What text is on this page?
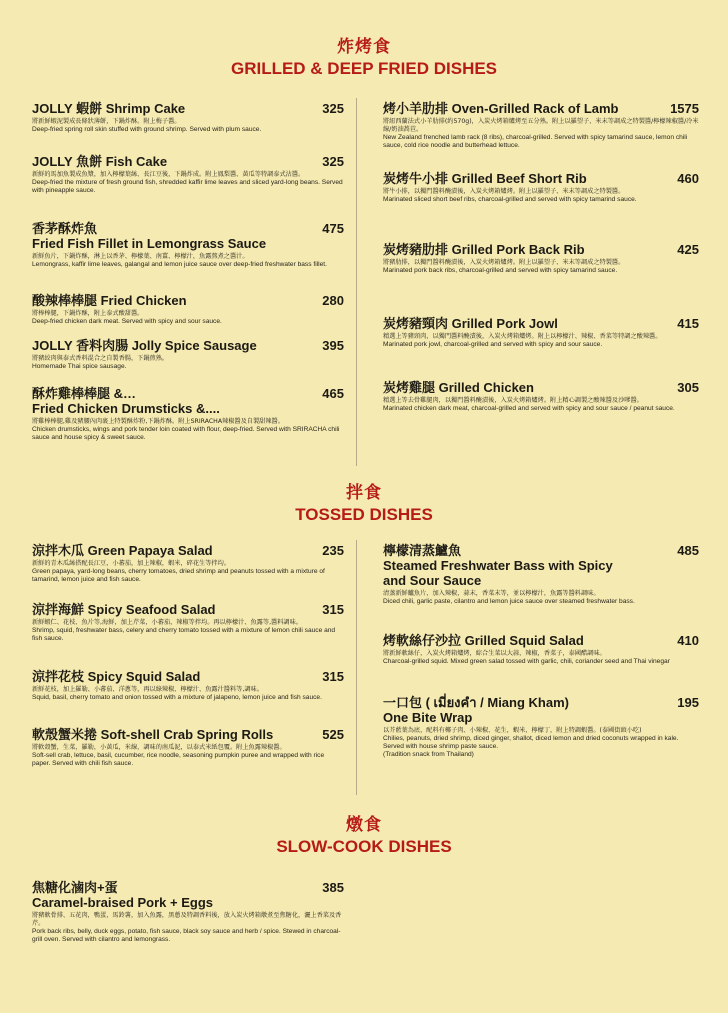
炸烤食
GRILLED & DEEP FRIED DISHES
拌食
TOSSED DISHES
燉食
SLOW-COOK DISHES
JOLLY 蝦餅 Shrimp Cake	325
將新鮮蝦泥製成長條狀薄餅，下鍋炸酥。附上梅子醬。
Deep-fried spring roll skin stuffed with ground shrimp. Served with plum sauce.
JOLLY 魚餅 Fish Cake	325
新鮮的馬加魚製成魚漿，加入檸檬葉絲、長江豆後，下鍋炸成。附上鳳梨醬、黃瓜等特調泰式沾醬。
Deep-fried the mixture of fresh ground fish, shredded kaffir lime leaves and sliced yard-long beans. Served with pineapple sauce.
香茅酥炸魚
Fried Fish Fillet in Lemongrass Sauce
475
新鮮魚片，下鍋炸酥，淋上以香茅、檸檬葉、南薑、檸檬汁，魚露熬煮之醬汁。
Lemongrass, kaffir lime leaves, galangal and lemon juice sauce over deep-fried freshwater bass fillet.
酸辣棒棒腿 Fried Chicken	280
將棒棒腿，下鍋炸酥，附上泰式酸甜醬。
Deep-fried chicken dark meat. Served with spicy and sour sauce.
JOLLY 香料肉腸 Jolly Spice Sausage	395
將豬絞肉與泰式香料混合之自製香腸，下鍋煎熟。
Homemade Thai spice sausage.
酥炸雞棒棒腿 &…
Fried Chicken Drumsticks &....
465
將雞棒棒腿,雞及豬腰內肉裹上特製酥炸粉,下鍋炸酥。附上SRIRACHA辣椒醬及自製甜辣醬。
Chicken drumsticks, wings and pork tender loin coated with flour, deep-fried. Served with SRIRACHA chili sauce and house spicy & sweet sauce.
烤小羊肋排 Oven-Grilled Rack of Lamb	1575
將紐西蘭法式小羊肋排(約570g)，入炭火烤箱爐烤至五分熟。附上以羅望子、米末等調成之特製醬/檸檬辣椒醬/冷米線/奶油萵苣。
New Zealand frenched lamb rack (8 ribs), charcoal-grilled. Served with spicy tamarind sauce, lemon chili sauce, cold rice noodle and butterhead lettuce.
炭烤牛小排 Grilled Beef Short Rib	460
將牛小排，以獨門醬料醃漬後，入炭火烤箱爐烤。附上以羅望子、米末等調成之特製醬。
Marinated sliced short beef ribs, charcoal-grilled and served with spicy tamarind sauce.
炭烤豬肋排 Grilled Pork Back Rib	425
將豬肋排，以獨門醬料醃漬後，入炭火烤箱爐烤。附上以羅望子、米末等調成之特製醬。
Marinated pork back ribs, charcoal-grilled and served with spicy tamarind sauce.
炭烤豬頸肉 Grilled Pork Jowl	415
精選上等豬頸肉，以獨門醬料醃漬後，入炭火烤箱爐烤。附上以檸檬汁、辣椒、香菜等特調之酸辣醬。
Marinated pork jowl, charcoal-grilled and served with spicy and sour sauce.
炭烤雞腿 Grilled Chicken	305
精選上等去骨雞腿肉，以獨門醬料醃漬後，入炭火烤箱爐烤。附上精心調製之酸辣醬及沙嗲醬。
Marinated chicken dark meat, charcoal-grilled and served with spicy and sour sauce / peanut sauce.
涼拌木瓜 Green Papaya Salad	235
新鮮的青木瓜絲搭配長江豆，小蕃茄，加上辣椒，蝦米，碎花生等拌均。
Green papaya, yard-long beans, cherry tomatoes, dried shrimp and peanuts tossed with a mixture of tamarind, lemon juice and fish sauce.
涼拌海鮮 Spicy Seafood Salad	315
新鮮蝦仁、花枝、魚片等,海鮮，加上芹菜，小蕃茄，辣椒等拌均。再以檸檬汁、魚露等,醬料調味。
Shrimp, squid, freshwater bass, celery and cherry tomato tossed with a mixture of lemon chili sauce and fish sauce.
涼拌花枝 Spicy Squid Salad	315
新鮮花枝，加上羅勒、小蕃茄、洋蔥等，再以綠辣椒、檸檬汁、魚露汁醬料等,調味。
Squid, basil, cherry tomato and onion tossed with a mixture of jalapeno, lemon juice and fish sauce.
軟殼蟹米捲 Soft-shell Crab Spring Rolls	525
將軟殼蟹，生菜，羅勒，小黃瓜，米線，調味的南瓜泥，以泰式米紙包覆。附上魚露辣椒醬。
Soft-sell crab, lettuce, basil, cucumber, rice noodle, seasoning pumpkin puree and wrapped with rice paper. Served with chili fish sauce.
檸檬清蒸鱸魚
Steamed Freshwater Bass with Spicy and Sour Sauce
485
清蒸新鮮鱸魚片，加入辣椒，蒜末，香菜末等，並以檸檬汁，魚露等醬料調味。
Diced chili, garlic paste, cilantro and lemon juice sauce over steamed freshwater bass.
烤軟絲仔沙拉 Grilled Squid Salad	410
將新鮮軟絲仔，入炭火烤箱爐烤，綜合生菜以大蒜，辣椒，香菜子，泰國醋調味。
Charcoal-grilled squid. Mixed green salad tossed with garlic, chili, coriander seed and Thai vinegar
一口包 ( เมี่ยงคำ / Miang Kham)
One Bite Wrap
195
以芥藍葉為底，配料有椰子肉、小辣椒、花生，蝦米，檸檬丁，附上特調蝦醬。(泰國街頭小吃)
Chilies, peanuts, dried shrimp, diced ginger, shallot, diced lemon and dried coconuts wrapped in kale. Served with house shrimp paste sauce.
(Tradition snack from Thailand)
焦糖化滷肉+蛋
Caramel-braised Pork + Eggs
385
將豬軟骨排、五花肉，鴨蛋，馬鈴薯，加入魚露，黑蔥及特調香料後，放入炭火烤箱燉煮至焦糖化，灑上香菜及香芹。
Pork back ribs, belly, duck eggs, potato, fish sauce, black soy sauce and herb / spice. Stewed in charcoal-grill oven. Served with cilantro and lemongrass.
